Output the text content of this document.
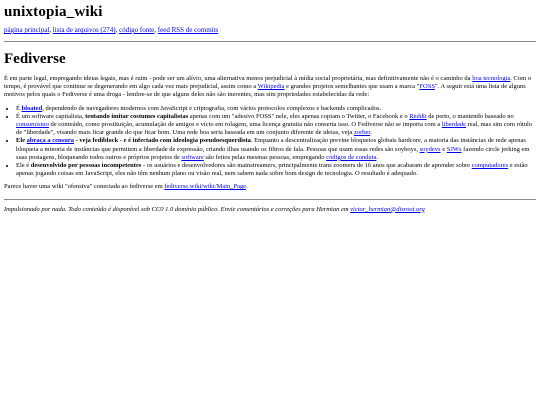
unixtopia_wiki
página principal, lista de arquivos (274), código fonte, feed RSS de commits
Fediverse

É em parte legal, empregando ideias legais, mas é ruim - pode ser um alívio, uma alternativa menos prejudicial à mídia social proprietária, mas definitivamente não é o caminho da boa tecnologia. Com o tempo, é provável que continue se degenerando em algo cada vez mais prejudicial, assim como a Wikipedia e grandes projetos semelhantes que usam a marca "FOSS". A seguir está uma lista de alguns motivos pelos quais o Fediverse é uma droga - lembre-se de que alguns deles não são inerentes, mas sim propriedades estabelecidas da rede:

• É bloated, dependendo de navegadores modernos com JavaScript e criptografia, com vários protocolos complexos e backends complicados.
• É um software capitalista, tentando imitar costumes capitalistas apenas com um "adesivo FOSS" nele, eles apenas copiam o Twitter, o Facebook e o Reddit de perto, o mantendo baseado no consumismo de conteúdo, como prostituição, acumulação de amigos e vício em rolagem, uma licença gratuita não conserta isso. O Fediverse não se importa com a liberdade real, mas sim com rótulo de "liberdade", visando mais ficar grande do que ficar bom. Uma rede boa seria baseada em um conjunto diferente de ideias, veja zorber.
• Ele abraça a censura - veja fediblock - e é infectado com ideologia pseudoesquerdista. Enquanto a descentralização previne bloqueios globais hardcore, a maioria das instâncias de rede apenas bloqueia a minoria de instâncias que permitem a liberdade de expressão, criando ilhas usando os filtros de fala. Pessoas que usam essas redes são soyboys, soydevs e SJWs fazendo circle jerking em suas postagens, bloqueando todos outros e próprios projetos de software são feitos pelas mesmas pessoas, empregando códigos de conduta.
• Ele é desenvolvido por pessoas incompetentes - os usuários e desenvolvedores são mainstreamers, principalmente trans zoomers de 16 anos que acabaram de aprender sobre computadores e estão apenas jogando coisas em JavaScript, eles não têm nenhum plano ou visão real, nem sabem nada sobre bom design de tecnologia. O resultado é adequado.

Parece haver uma wiki "ofensiva" conectada ao fediverse em fediverse.wiki/wiki/Main_Page.

Impulsionado por nada. Todo conteúdo é disponível sob CC0 1.0 domínio público. Envie comentários e correções para Hermian em victor_hermian@disroot.org
